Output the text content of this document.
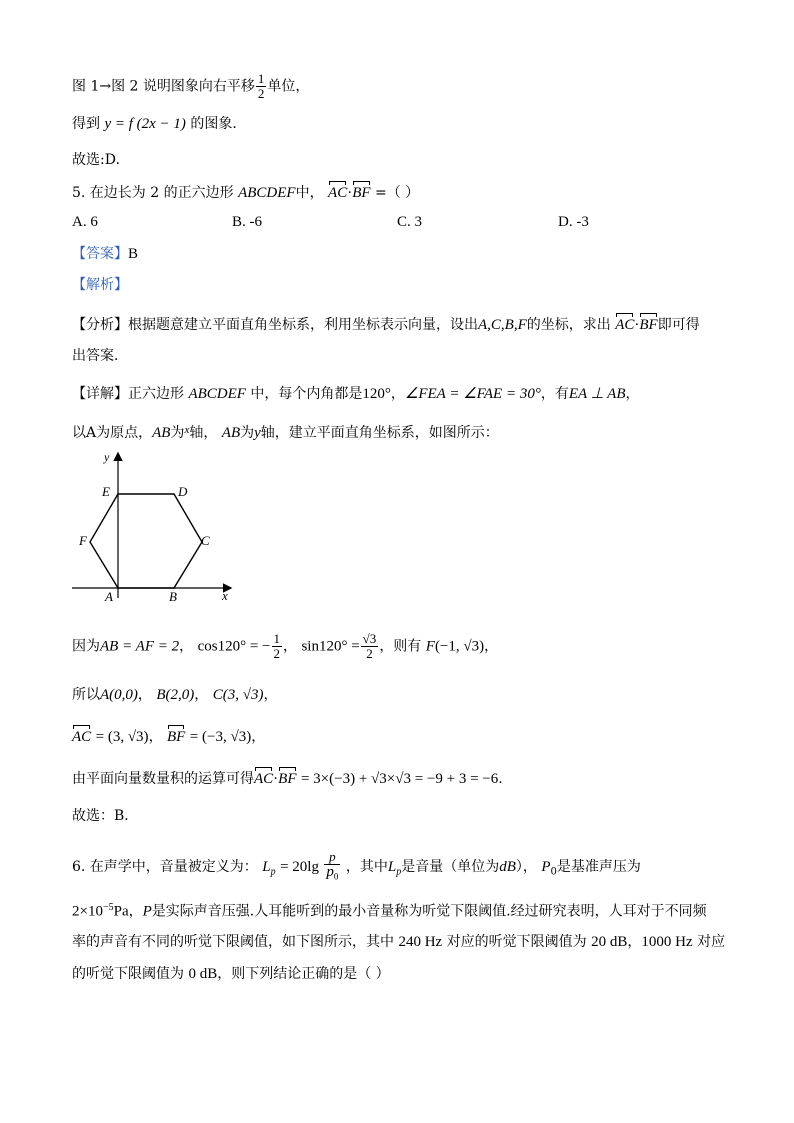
图 1→图 2 说明图象向右平移 $\frac{1}{2}$ 单位，
得到 y = f (2x − 1) 的图象．
故选:D.
5. 在边长为 2 的正六边形 ABCDEF中， AC·BF =（ ）
A. 6	B. -6	C. 3	D. -3
【答案】B
【解析】
【分析】根据题意建立平面直角坐标系，利用坐标表示向量，设出A,C,B,F的坐标，求出 AC·BF即可得
出答案．
【详解】正六边形 ABCDEF 中，每个内角都是120°，∠FEA = ∠FAE = 30°，有EA ⊥ AB，
以A为原点，AB为$^x$轴， AB为y轴，建立平面直角坐标系，如图所示：
y
x
E	D
F	C
A	B
因为AB = AF = 2， cos120° = − $\frac{1}{2}$ ， $\sin 120^\circ = \frac{√3}{2}$ ，则有 F(−1, √3)，
所以A(0,0)， B(2,0)， C(3, √3)，
AC = (3, √3)， BF = (−3, √3)，
由平面向量数量积的运算可得AC·BF = 3×(−3) + √3×√3 = −9 + 3 = −6.
故选：B．
6. 在声学中，音量被定义为： $L_p = 20\lg \frac{p}{p_0}$ ，其中$L_p$是音量（单位为dB）， $P_0$是基准声压为
$2\times 10^{-5}Pa$，P是实际声音压强.人耳能听到的最小音量称为听觉下限阈值.经过研究表明，人耳对于不同频
率的声音有不同的听觉下限阈值，如下图所示，其中 240 Hz 对应的听觉下限阈值为 20 dB，1000 Hz 对应
的听觉下限阈值为 0 dB，则下列结论正确的是（ ）
